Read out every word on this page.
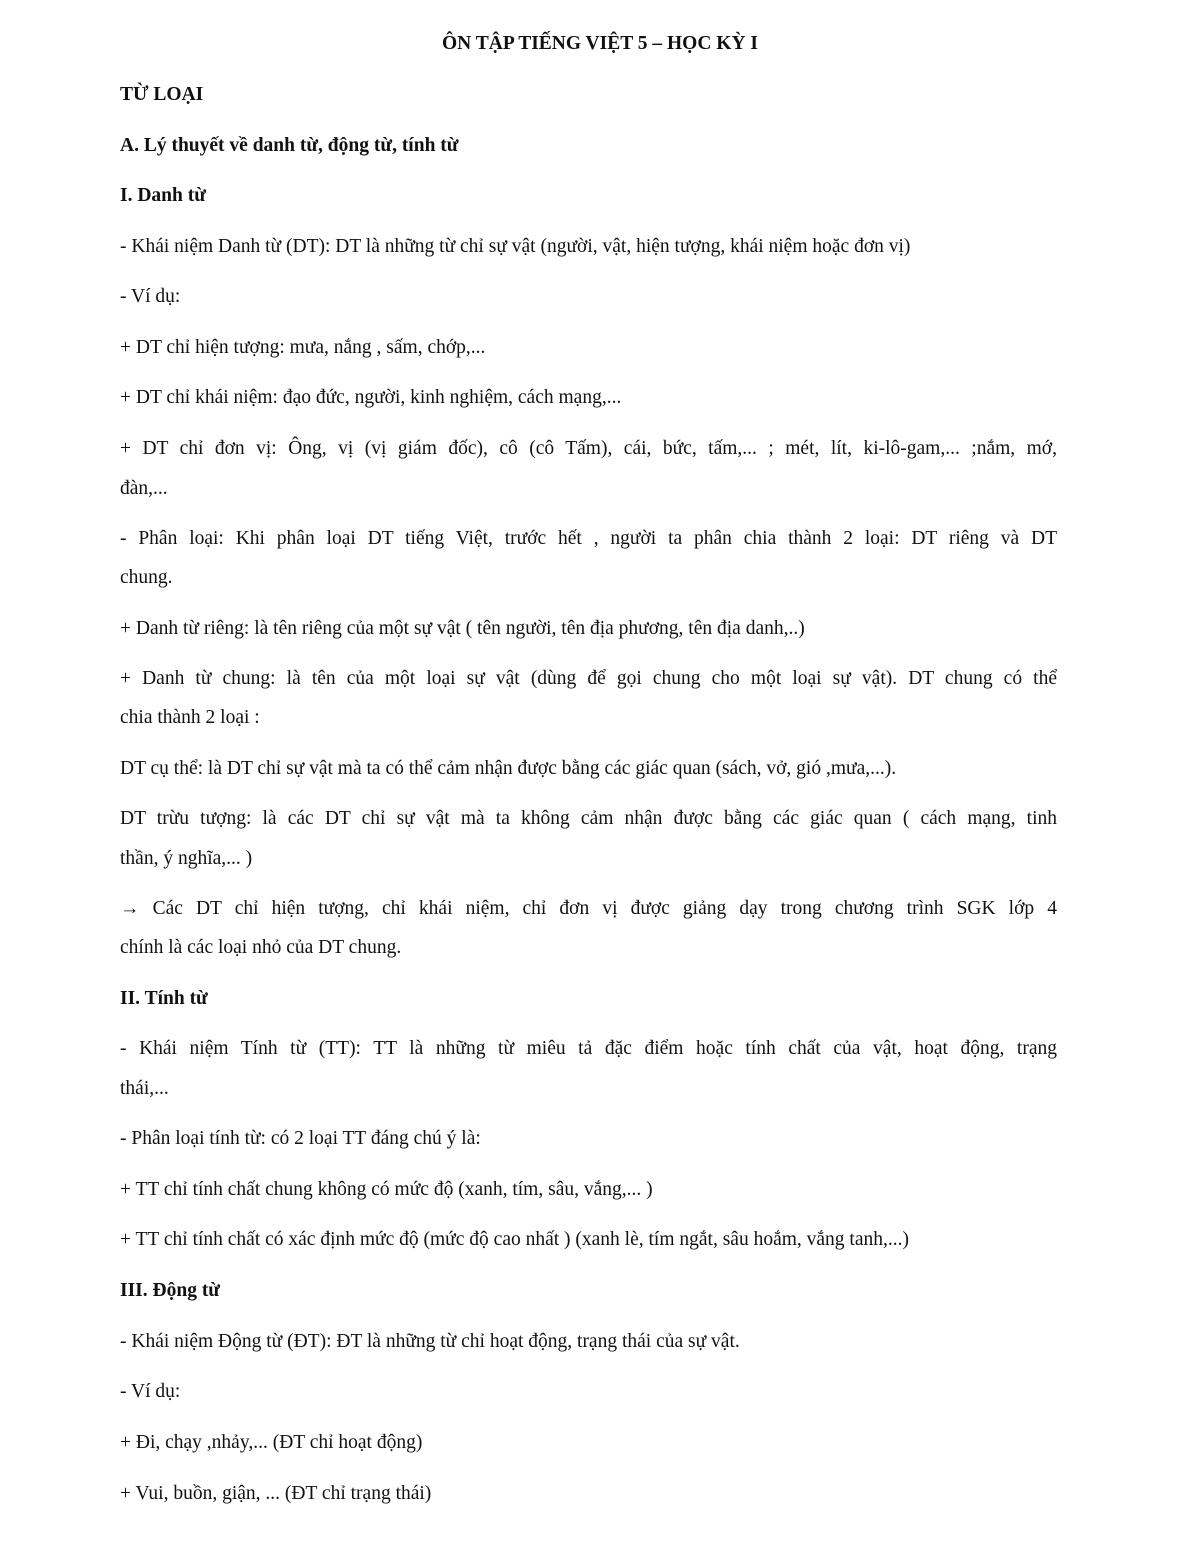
ÔN TẬP TIẾNG VIỆT 5 – HỌC KỲ I
TỪ LOẠI
A. Lý thuyết về danh từ, động từ, tính từ
I. Danh từ
- Khái niệm Danh từ (DT): DT là những từ chỉ sự vật (người, vật, hiện tượng, khái niệm hoặc đơn vị)
- Ví dụ:
+ DT chỉ hiện tượng: mưa, nắng , sấm, chớp,...
+ DT chỉ khái niệm: đạo đức, người, kinh nghiệm, cách mạng,...
+ DT chỉ đơn vị: Ông, vị (vị giám đốc), cô (cô Tấm), cái, bức, tấm,... ; mét, lít, ki-lô-gam,... ;nắm, mớ,
đàn,...
- Phân loại: Khi phân loại DT tiếng Việt, trước hết , người ta phân chia thành 2 loại: DT riêng và DT
chung.
+ Danh từ riêng: là tên riêng của một sự vật ( tên người, tên địa phương, tên địa danh,..)
+ Danh từ chung: là tên của một loại sự vật (dùng để gọi chung cho một loại sự vật). DT chung có thể
chia thành 2 loại :
DT cụ thể: là DT chỉ sự vật mà ta có thể cảm nhận được bằng các giác quan (sách, vở, gió ,mưa,...).
DT trừu tượng: là các DT chỉ sự vật mà ta không cảm nhận được bằng các giác quan ( cách mạng, tinh
thần, ý nghĩa,... )
→ Các DT chỉ hiện tượng, chỉ khái niệm, chỉ đơn vị được giảng dạy trong chương trình SGK lớp 4
chính là các loại nhỏ của DT chung.
II. Tính từ
- Khái niệm Tính từ (TT): TT là những từ miêu tả đặc điểm hoặc tính chất của vật, hoạt động, trạng
thái,...
- Phân loại tính từ: có 2 loại TT đáng chú ý là:
+ TT chỉ tính chất chung không có mức độ (xanh, tím, sâu, vắng,... )
+ TT chỉ tính chất có xác định mức độ (mức độ cao nhất ) (xanh lè, tím ngắt, sâu hoắm, vắng tanh,...)
III. Động từ
- Khái niệm Động từ (ĐT): ĐT là những từ chỉ hoạt động, trạng thái của sự vật.
- Ví dụ:
+ Đi, chạy ,nhảy,... (ĐT chỉ hoạt động)
+ Vui, buồn, giận, ... (ĐT chỉ trạng thái)
